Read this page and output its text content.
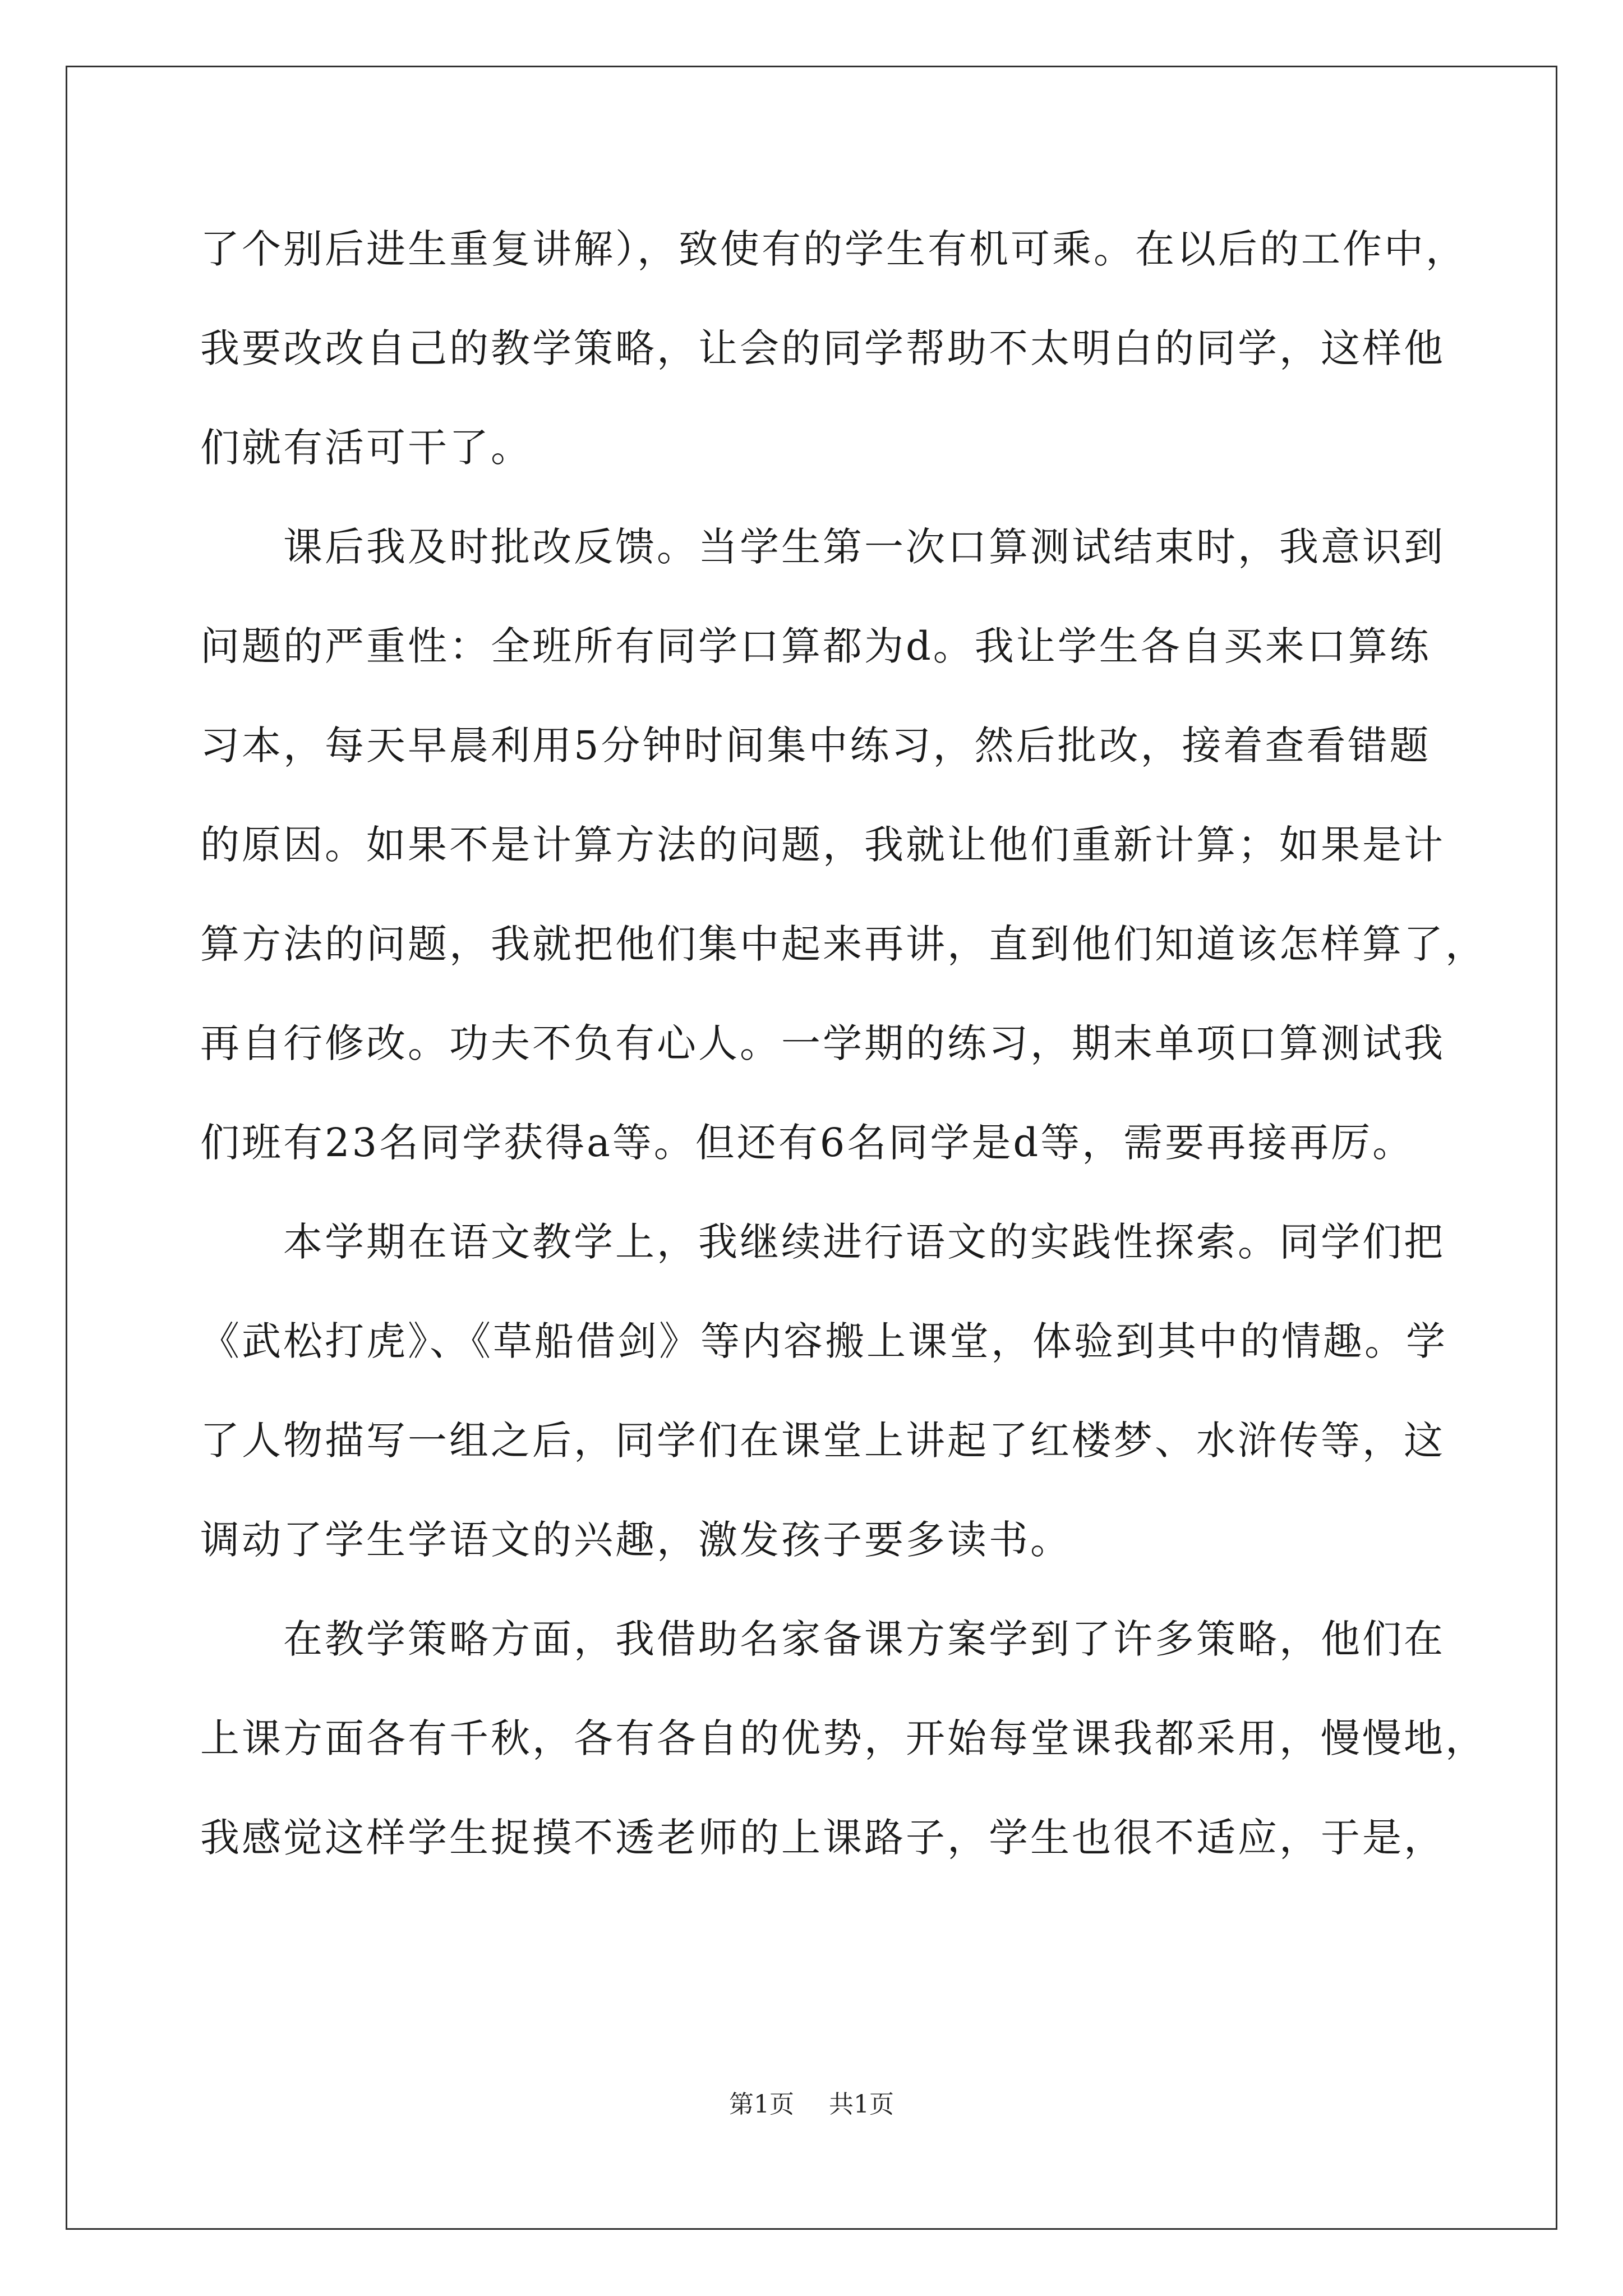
了个别后进生重复讲解），致使有的学生有机可乘。在以后的工作中，
我要改改自己的教学策略，让会的同学帮助不太明白的同学，这样他
们就有活可干了。

课后我及时批改反馈。当学生第一次口算测试结束时，我意识到
问题的严重性：全班所有同学口算都为d。我让学生各自买来口算练
习本，每天早晨利用5分钟时间集中练习，然后批改，接着查看错题
的原因。如果不是计算方法的问题，我就让他们重新计算；如果是计
算方法的问题，我就把他们集中起来再讲，直到他们知道该怎样算了，
再自行修改。功夫不负有心人。一学期的练习，期末单项口算测试我
们班有23名同学获得a等。但还有6名同学是d等，需要再接再厉。

本学期在语文教学上，我继续进行语文的实践性探索。同学们把
《武松打虎》、《草船借剑》等内容搬上课堂，体验到其中的情趣。学
了人物描写一组之后，同学们在课堂上讲起了红楼梦、水浒传等，这
调动了学生学语文的兴趣，激发孩子要多读书。

在教学策略方面，我借助名家备课方案学到了许多策略，他们在
上课方面各有千秋，各有各自的优势，开始每堂课我都采用，慢慢地，
我感觉这样学生捉摸不透老师的上课路子，学生也很不适应，于是，

第1页 共1页
